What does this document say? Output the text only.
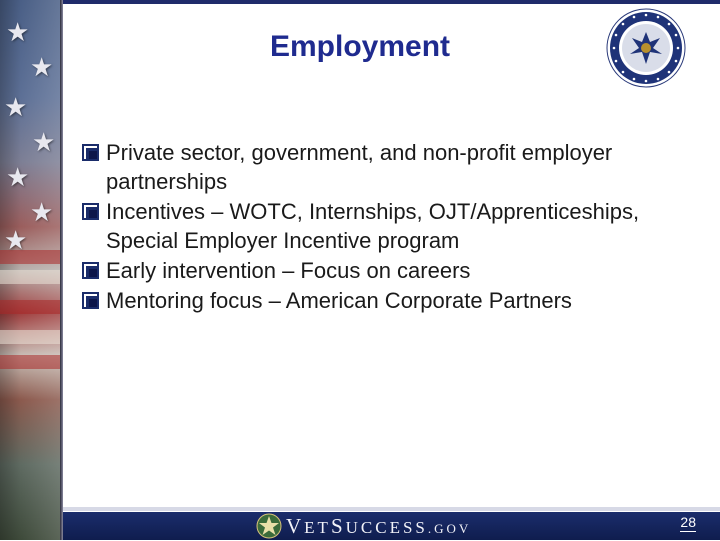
★
★
★
★
★
★
★
Employment
Private sector, government, and non-profit employer partnerships
Incentives – WOTC, Internships, OJT/Apprenticeships, Special Employer Incentive program
Early intervention – Focus on careers
Mentoring focus – American Corporate Partners
VETSUCCESS.GOV	28
